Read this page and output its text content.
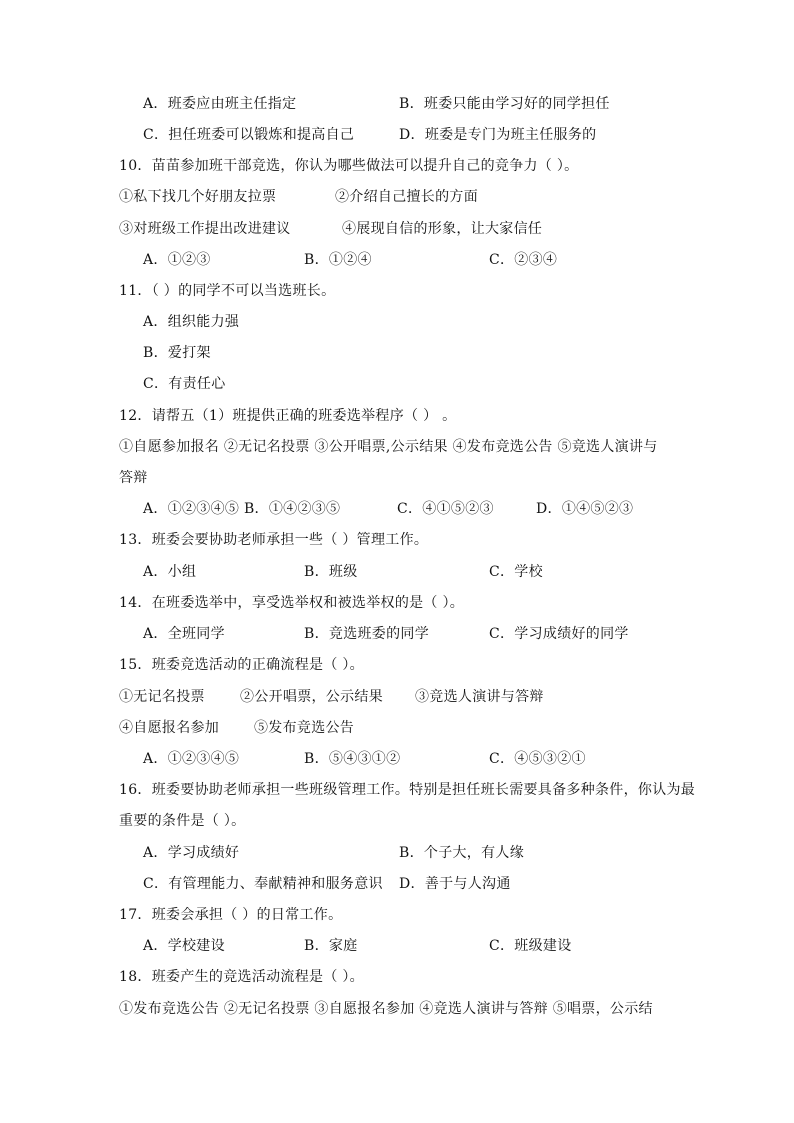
A．班委应由班主任指定	B．班委只能由学习好的同学担任
C．担任班委可以锻炼和提高自己	D．班委是专门为班主任服务的
10．苗苗参加班干部竞选，你认为哪些做法可以提升自己的竞争力（ ）。
①私下找几个好朋友拉票	②介绍自己擅长的方面
③对班级工作提出改进建议	④展现自信的形象，让大家信任
A．①②③	B．①②④	C．②③④
11．（ ）的同学不可以当选班长。
A．组织能力强
B．爱打架
C．有责任心
12．请帮五（1）班提供正确的班委选举程序（ ） 。
①自愿参加报名 ②无记名投票 ③公开唱票,公示结果 ④发布竞选公告 ⑤竞选人演讲与
答辩
A．①②③④⑤ B．①④②③⑤	C．④①⑤②③	D．①④⑤②③
13．班委会要协助老师承担一些（ ）管理工作。
A．小组	B．班级	C．学校
14．在班委选举中，享受选举权和被选举权的是（ ）。
A．全班同学	B．竞选班委的同学	C．学习成绩好的同学
15．班委竞选活动的正确流程是（ ）。
①无记名投票	②公开唱票，公示结果 ③竞选人演讲与答辩
④自愿报名参加 ⑤发布竞选公告
A．①②③④⑤	B．⑤④③①②	C．④⑤③②①
16．班委要协助老师承担一些班级管理工作。特别是担任班长需要具备多种条件，你认为最
重要的条件是（ ）。
A．学习成绩好	B．个子大，有人缘
C．有管理能力、奉献精神和服务意识 D．善于与人沟通
17．班委会承担（ ）的日常工作。
A．学校建设	B．家庭	C．班级建设
18．班委产生的竞选活动流程是（ ）。
①发布竞选公告 ②无记名投票 ③自愿报名参加 ④竞选人演讲与答辩 ⑤唱票，公示结
